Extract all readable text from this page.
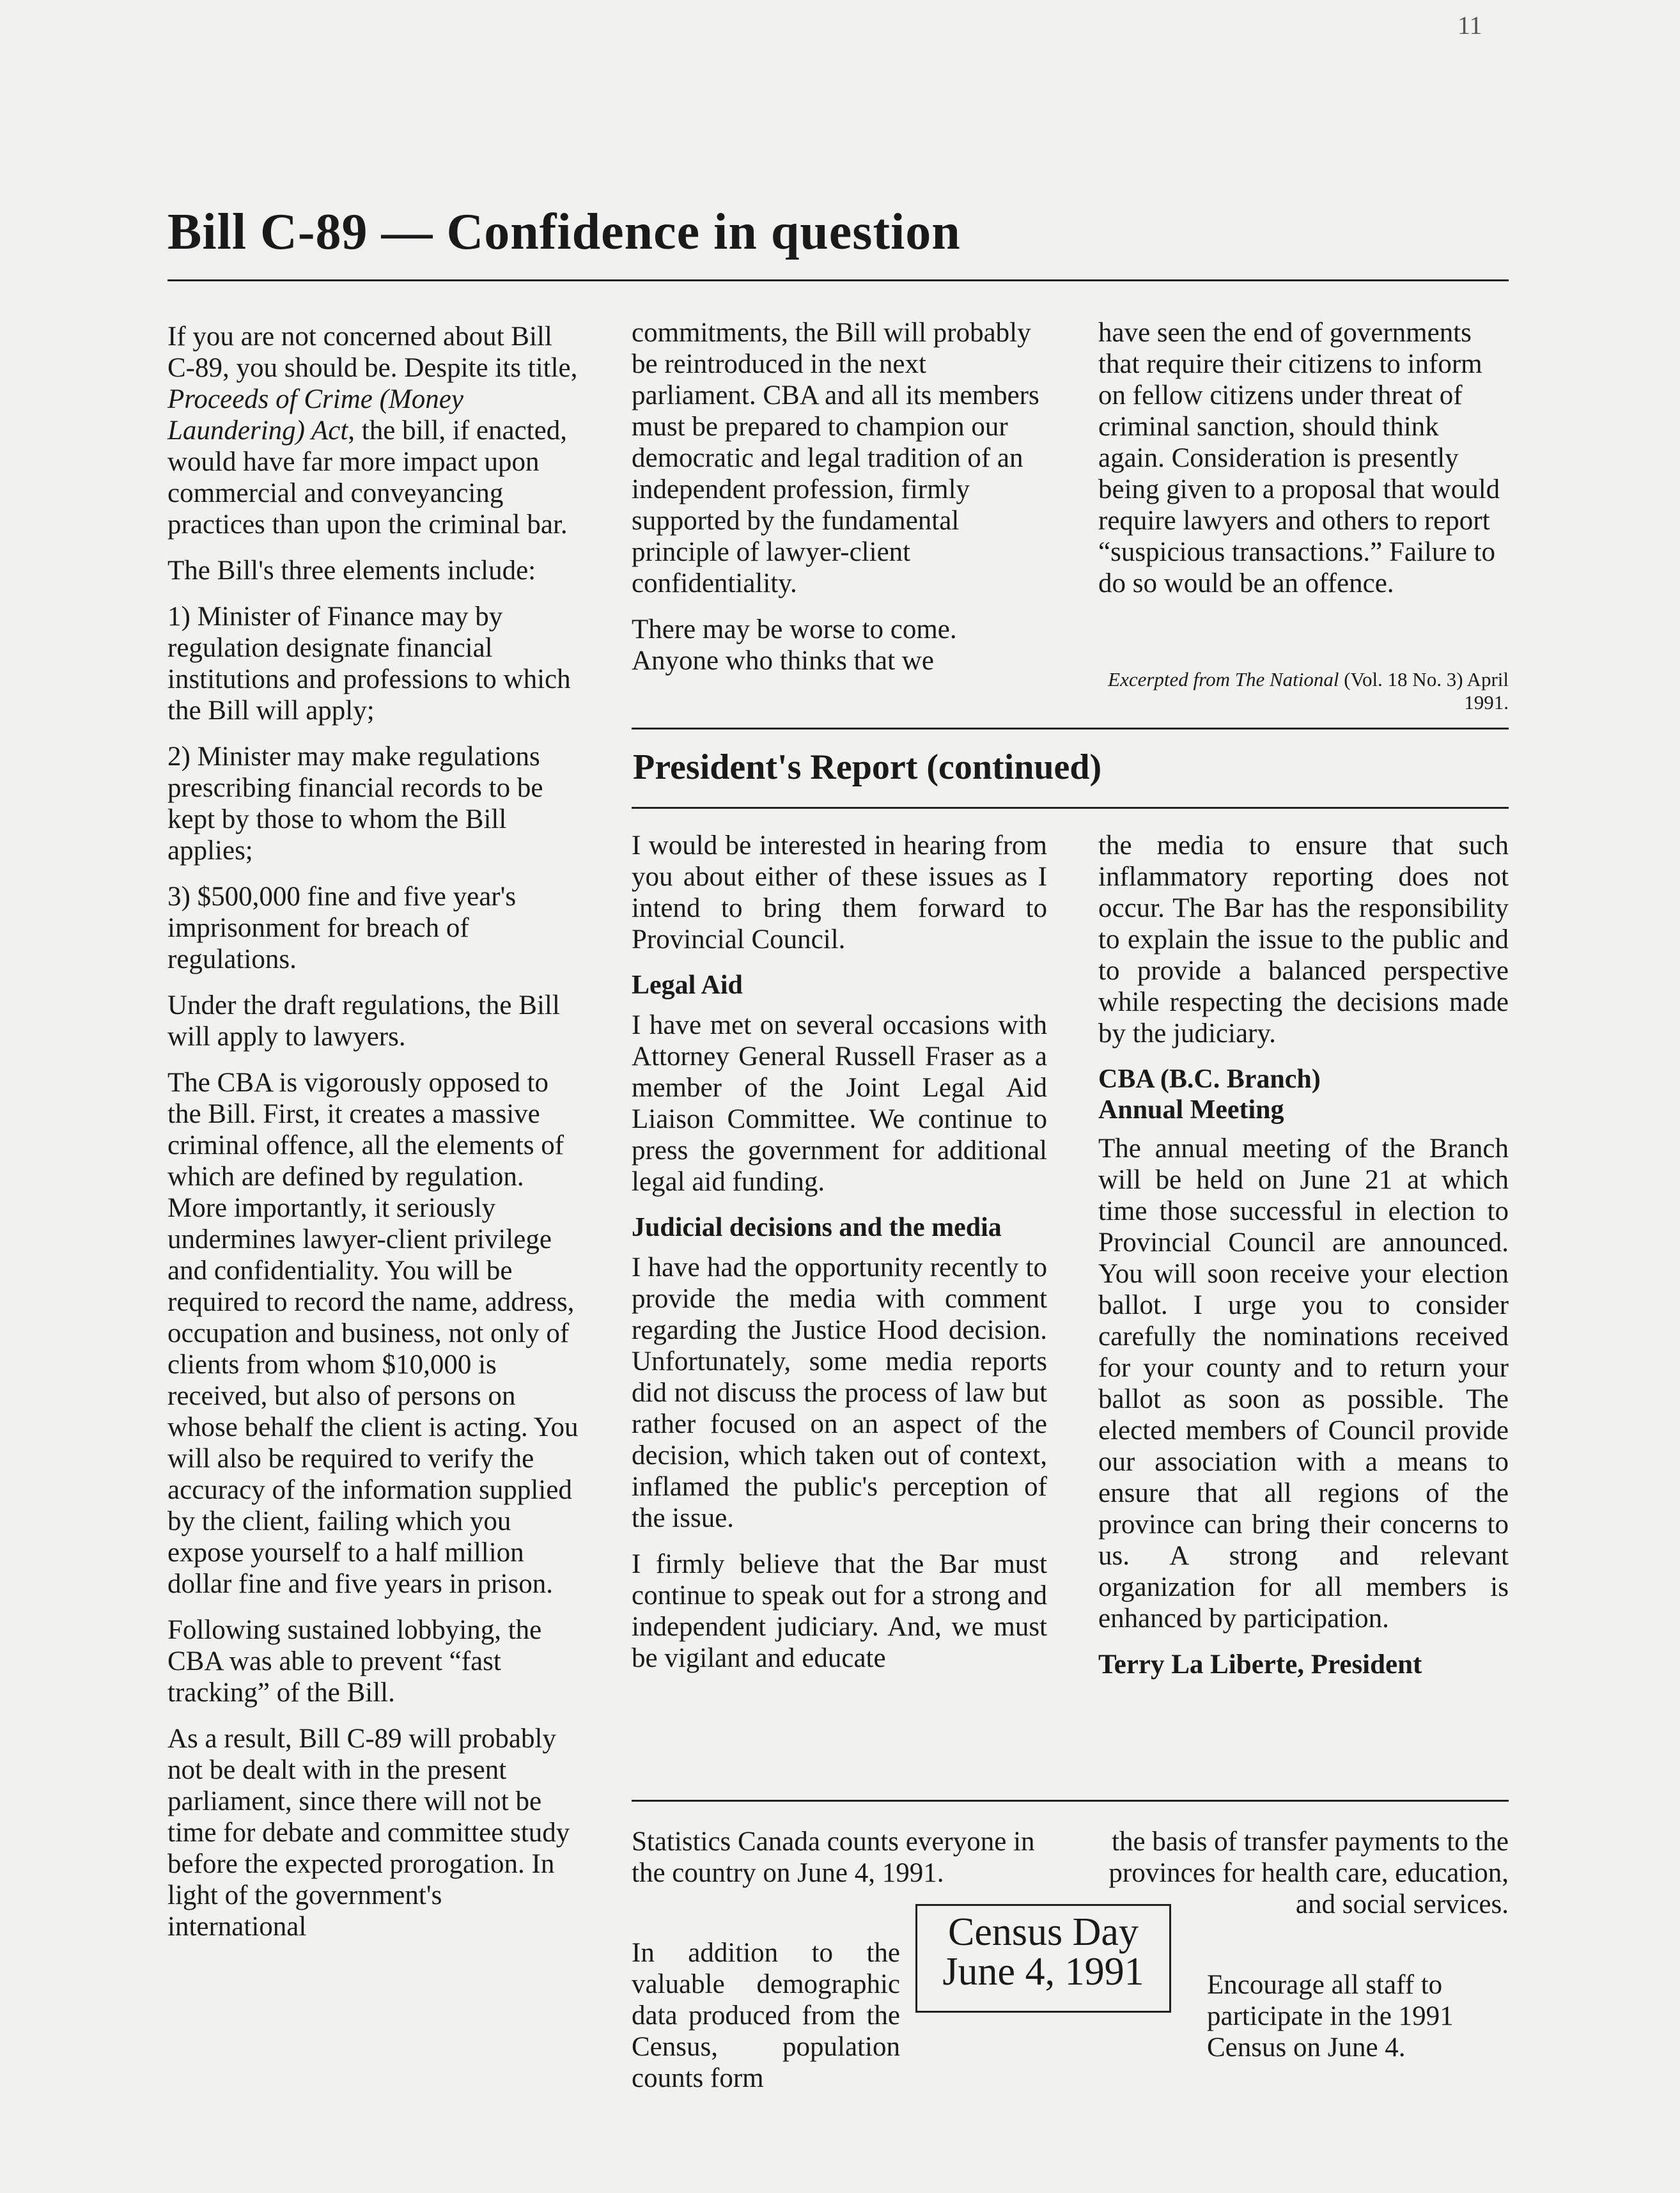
11
Bill C-89 — Confidence in question

If you are not concerned about Bill C-89, you should be. Despite its title, Proceeds of Crime (Money Laundering) Act, the bill, if enacted, would have far more impact upon commercial and conveyancing practices than upon the criminal bar.

The Bill's three elements include:

1) Minister of Finance may by regulation designate financial institutions and professions to which the Bill will apply;

2) Minister may make regulations prescribing financial records to be kept by those to whom the Bill applies;

3) $500,000 fine and five year's imprisonment for breach of regulations.

Under the draft regulations, the Bill will apply to lawyers.

The CBA is vigorously opposed to the Bill. First, it creates a massive criminal offence, all the elements of which are defined by regulation. More importantly, it seriously undermines lawyer-client privilege and confidentiality. You will be required to record the name, address, occupation and business, not only of clients from whom $10,000 is received, but also of persons on whose behalf the client is acting. You will also be required to verify the accuracy of the information supplied by the client, failing which you expose yourself to a half million dollar fine and five years in prison.

Following sustained lobbying, the CBA was able to prevent “fast tracking” of the Bill.

As a result, Bill C-89 will probably not be dealt with in the present parliament, since there will not be time for debate and committee study before the expected prorogation. In light of the government's international

commitments, the Bill will probably be reintroduced in the next parliament. CBA and all its members must be prepared to champion our democratic and legal tradition of an independent profession, firmly supported by the fundamental principle of lawyer-client confidentiality.

There may be worse to come. Anyone who thinks that we

have seen the end of governments that require their citizens to inform on fellow citizens under threat of criminal sanction, should think again. Consideration is presently being given to a proposal that would require lawyers and others to report “suspicious transactions.” Failure to do so would be an offence.

Excerpted from The National (Vol. 18 No. 3) April 1991.
President's Report (continued)

I would be interested in hearing from you about either of these issues as I intend to bring them forward to Provincial Council.

Legal Aid

I have met on several occasions with Attorney General Russell Fraser as a member of the Joint Legal Aid Liaison Committee. We continue to press the government for additional legal aid funding.

Judicial decisions and the media

I have had the opportunity recently to provide the media with comment regarding the Justice Hood decision. Unfortunately, some media reports did not discuss the process of law but rather focused on an aspect of the decision, which taken out of context, inflamed the public's perception of the issue.

I firmly believe that the Bar must continue to speak out for a strong and independent judiciary. And, we must be vigilant and educate

the media to ensure that such inflammatory reporting does not occur. The Bar has the responsibility to explain the issue to the public and to provide a balanced perspective while respecting the decisions made by the judiciary.

CBA (B.C. Branch)
Annual Meeting

The annual meeting of the Branch will be held on June 21 at which time those successful in election to Provincial Council are announced. You will soon receive your election ballot. I urge you to consider carefully the nominations received for your county and to return your ballot as soon as possible. The elected members of Council provide our association with a means to ensure that all regions of the province can bring their concerns to us. A strong and relevant organization for all members is enhanced by participation.

Terry La Liberte, President

Statistics Canada counts everyone in the country on June 4, 1991.

In addition to the valuable demographic data produced from the Census, population counts form

Census Day
June 4, 1991

the basis of transfer payments to the provinces for health care, education, and social services.

Encourage all staff to participate in the 1991 Census on June 4.
